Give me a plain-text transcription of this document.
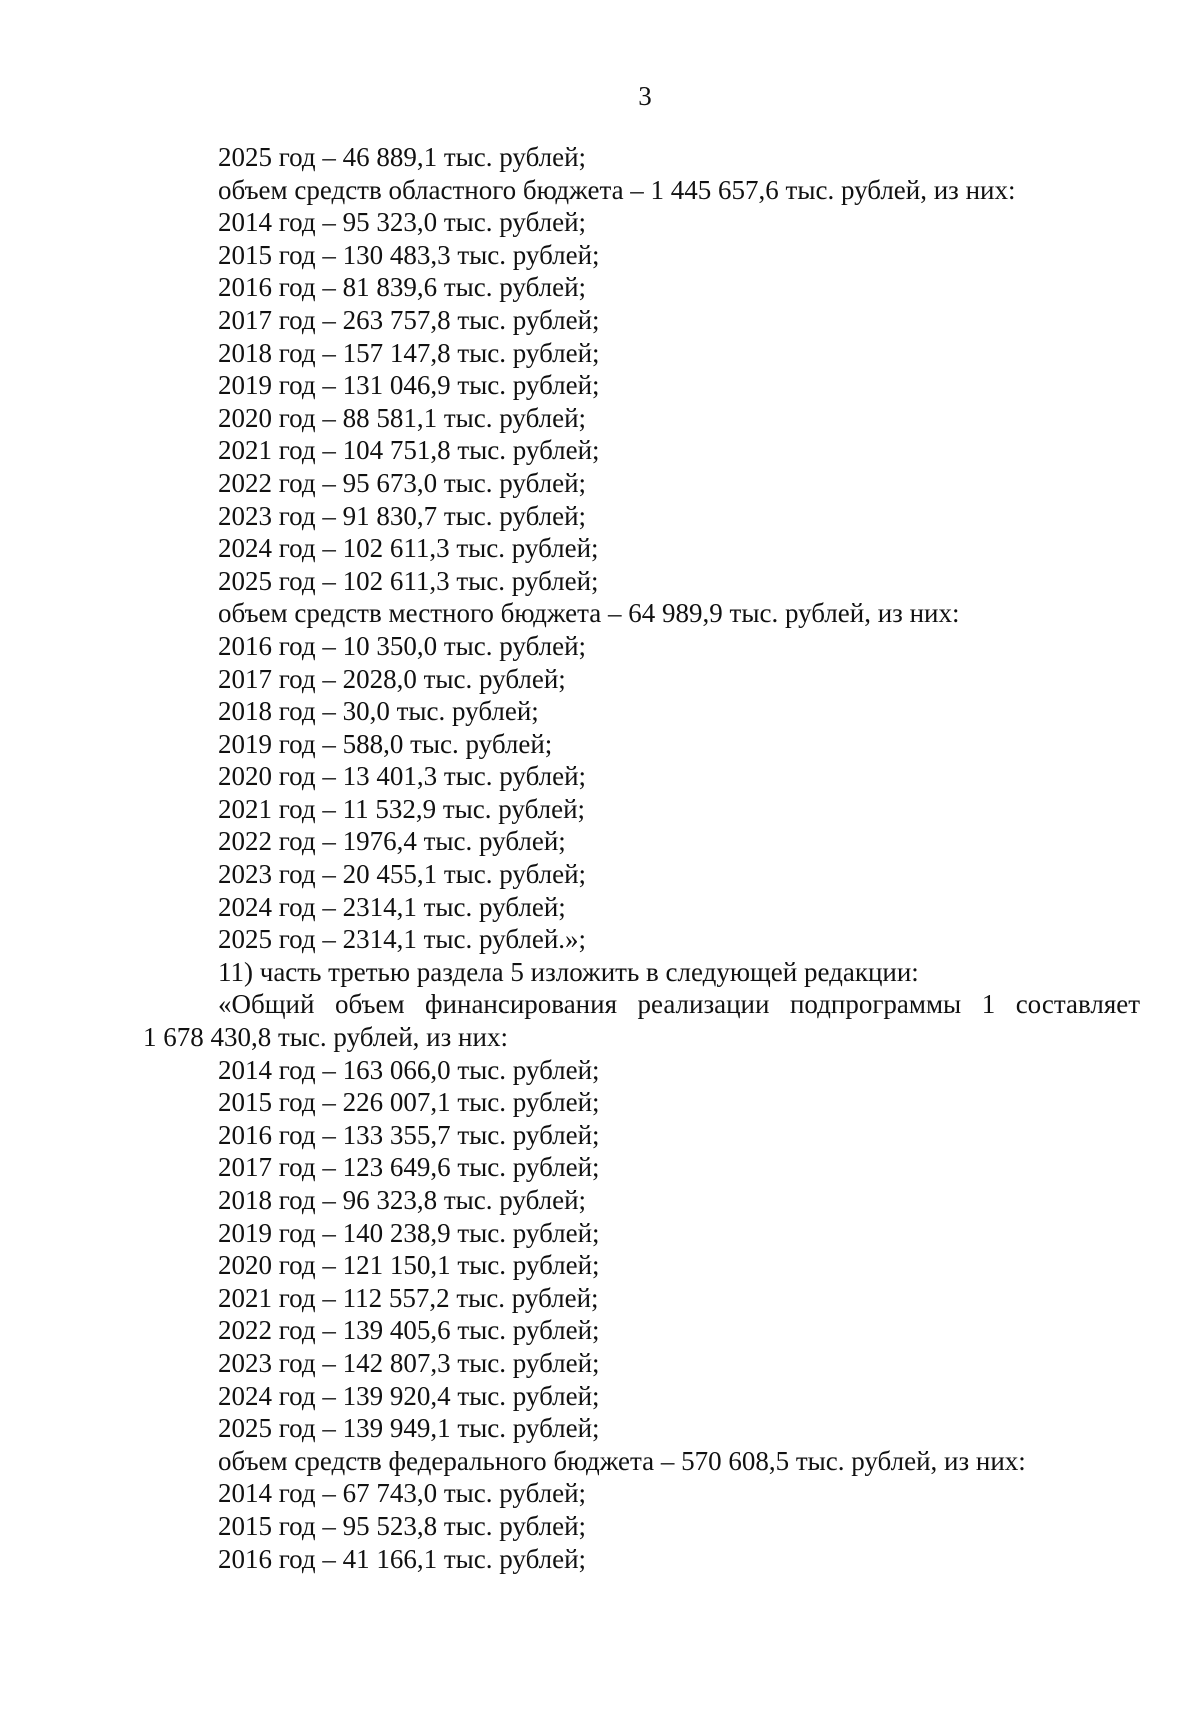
3
2025 год – 46 889,1 тыс. рублей;
объем средств областного бюджета – 1 445 657,6 тыс. рублей, из них:
2014 год – 95 323,0 тыс. рублей;
2015 год – 130 483,3 тыс. рублей;
2016 год – 81 839,6 тыс. рублей;
2017 год – 263 757,8 тыс. рублей;
2018 год – 157 147,8 тыс. рублей;
2019 год – 131 046,9 тыс. рублей;
2020 год – 88 581,1 тыс. рублей;
2021 год – 104 751,8 тыс. рублей;
2022 год – 95 673,0 тыс. рублей;
2023 год – 91 830,7 тыс. рублей;
2024 год – 102 611,3 тыс. рублей;
2025 год – 102 611,3 тыс. рублей;
объем средств местного бюджета – 64 989,9 тыс. рублей, из них:
2016 год – 10 350,0 тыс. рублей;
2017 год – 2028,0 тыс. рублей;
2018 год – 30,0 тыс. рублей;
2019 год – 588,0 тыс. рублей;
2020 год – 13 401,3 тыс. рублей;
2021 год – 11 532,9 тыс. рублей;
2022 год – 1976,4 тыс. рублей;
2023 год – 20 455,1 тыс. рублей;
2024 год – 2314,1 тыс. рублей;
2025 год – 2314,1 тыс. рублей.»;
11) часть третью раздела 5 изложить в следующей редакции:
«Общий объем финансирования реализации подпрограммы 1 составляет
1 678 430,8 тыс. рублей, из них:
2014 год – 163 066,0 тыс. рублей;
2015 год – 226 007,1 тыс. рублей;
2016 год – 133 355,7 тыс. рублей;
2017 год – 123 649,6 тыс. рублей;
2018 год – 96 323,8 тыс. рублей;
2019 год – 140 238,9 тыс. рублей;
2020 год – 121 150,1 тыс. рублей;
2021 год – 112 557,2 тыс. рублей;
2022 год – 139 405,6 тыс. рублей;
2023 год – 142 807,3 тыс. рублей;
2024 год – 139 920,4 тыс. рублей;
2025 год – 139 949,1 тыс. рублей;
объем средств федерального бюджета – 570 608,5 тыс. рублей, из них:
2014 год – 67 743,0 тыс. рублей;
2015 год – 95 523,8 тыс. рублей;
2016 год – 41 166,1 тыс. рублей;
